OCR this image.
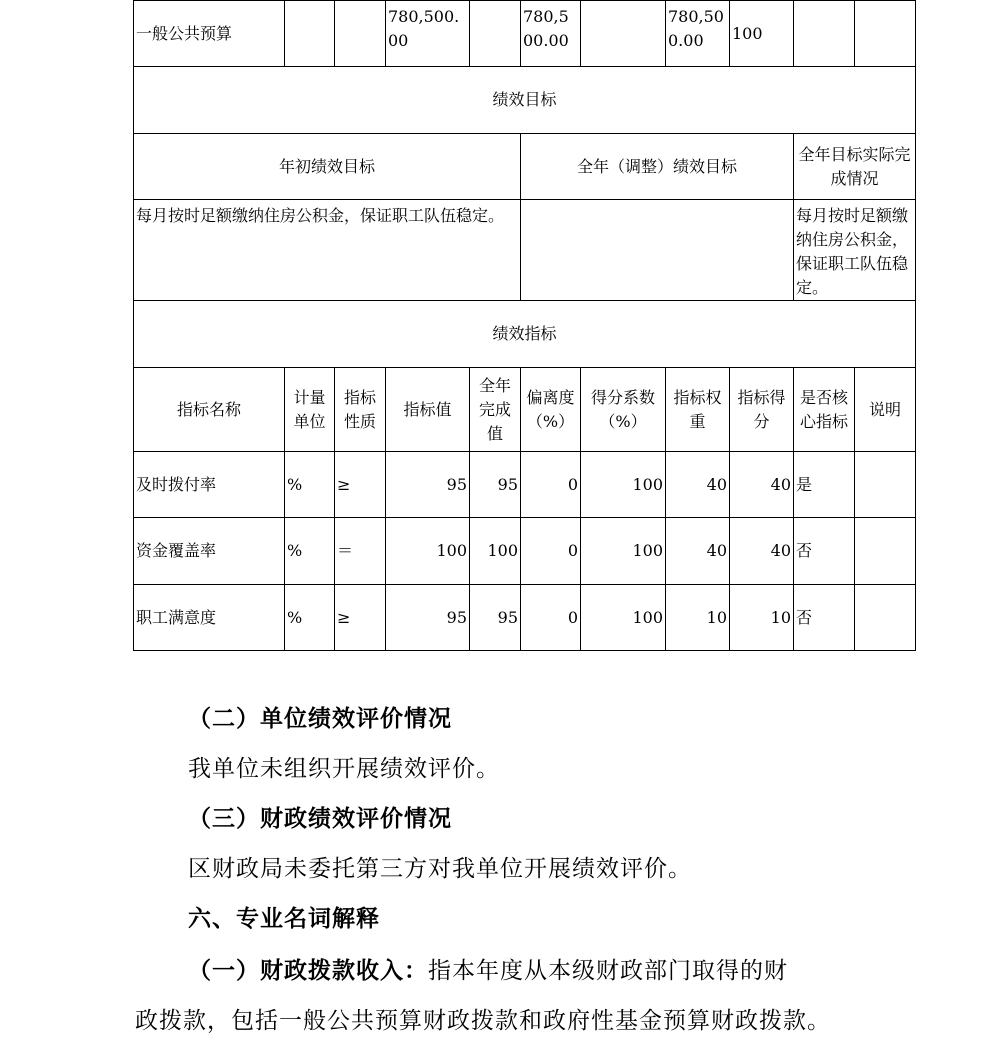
一般公共预算			780,500.00		780,500.00		780,500.00	100		
绩效目标										
年初绩效目标					全年（调整）绩效目标				全年目标实际完成情况	
每月按时足额缴纳住房公积金，保证职工队伍稳定。									每月按时足额缴纳住房公积金，保证职工队伍稳定。	
绩效指标										
指标名称	计量单位	指标性质	指标值	全年完成值	偏离度（%）	得分系数（%）	指标权重	指标得分	是否核心指标	说明
及时拨付率	%	≥	95	95	0	100	40	40	是	
资金覆盖率	%	＝	100	100	0	100	40	40	否	
职工满意度	%	≥	95	95	0	100	10	10	否	
（二）单位绩效评价情况
我单位未组织开展绩效评价。
（三）财政绩效评价情况
区财政局未委托第三方对我单位开展绩效评价。
六、专业名词解释
（一）财政拨款收入：指本年度从本级财政部门取得的财
政拨款，包括一般公共预算财政拨款和政府性基金预算财政拨款。
